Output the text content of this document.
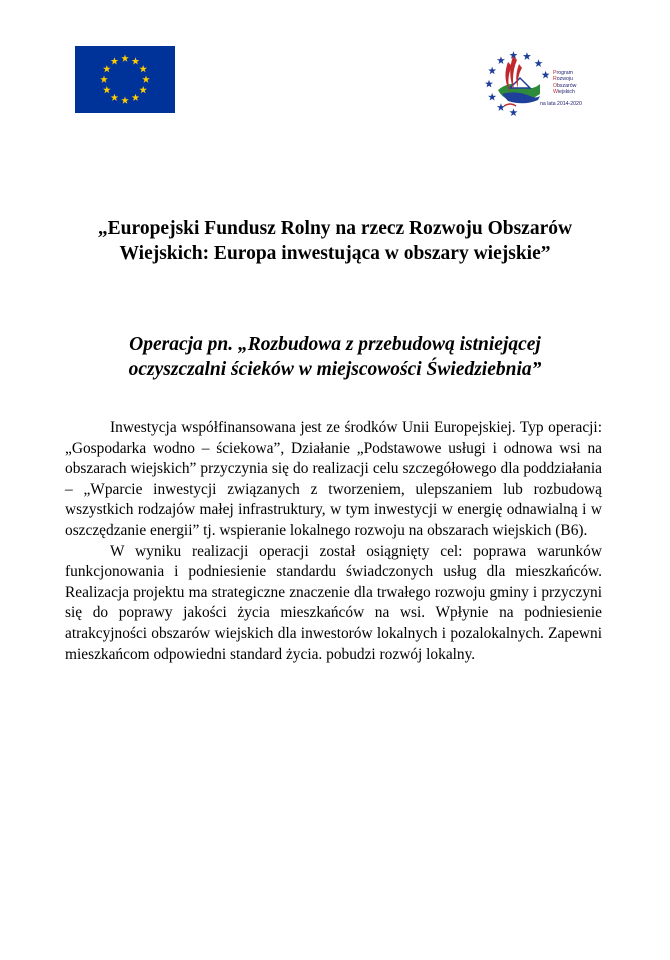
Program
Rozwoju
Obszarów
Wiejskich
na lata 2014-2020
„Europejski Fundusz Rolny na rzecz Rozwoju Obszarów
Wiejskich: Europa inwestująca w obszary wiejskie”
Operacja pn. „Rozbudowa z przebudową istniejącej
oczyszczalni ścieków w miejscowości Świedziebnia”

Inwestycja współfinansowana jest ze środków Unii Europejskiej. Typ operacji: „Gospodarka wodno – ściekowa”, Działanie „Podstawowe usługi i odnowa wsi na obszarach wiejskich” przyczynia się do realizacji celu szczegółowego dla poddziałania – „Wparcie inwestycji związanych z tworzeniem, ulepszaniem lub rozbudową wszystkich rodzajów małej infrastruktury, w tym inwestycji w energię odnawialną i w oszczędzanie energii” tj. wspieranie lokalnego rozwoju na obszarach wiejskich (B6).

W wyniku realizacji operacji został osiągnięty cel: poprawa warunków funkcjonowania i podniesienie standardu świadczonych usług dla mieszkańców. Realizacja projektu ma strategiczne znaczenie dla trwałego rozwoju gminy i przyczyni się do poprawy jakości życia mieszkańców na wsi. Wpłynie na podniesienie atrakcyjności obszarów wiejskich dla inwestorów lokalnych i pozalokalnych. Zapewni mieszkańcom odpowiedni standard życia. pobudzi rozwój lokalny.
